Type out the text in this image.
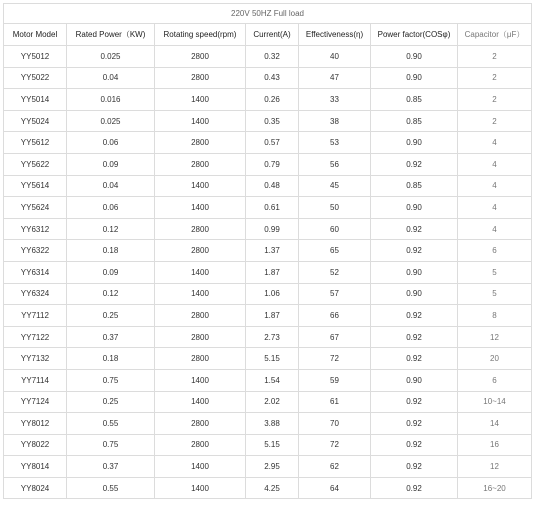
220V 50HZ Full load						
Motor Model	Rated Power（KW)	Rotating speed(rpm)	Current(A)	Effectiveness(η)	Power factor(COSφ)	Capacitor（μF）
YY5012	0.025	2800	0.32	40	0.90	2
YY5022	0.04	2800	0.43	47	0.90	2
YY5014	0.016	1400	0.26	33	0.85	2
YY5024	0.025	1400	0.35	38	0.85	2
YY5612	0.06	2800	0.57	53	0.90	4
YY5622	0.09	2800	0.79	56	0.92	4
YY5614	0.04	1400	0.48	45	0.85	4
YY5624	0.06	1400	0.61	50	0.90	4
YY6312	0.12	2800	0.99	60	0.92	4
YY6322	0.18	2800	1.37	65	0.92	6
YY6314	0.09	1400	1.87	52	0.90	5
YY6324	0.12	1400	1.06	57	0.90	5
YY7112	0.25	2800	1.87	66	0.92	8
YY7122	0.37	2800	2.73	67	0.92	12
YY7132	0.18	2800	5.15	72	0.92	20
YY7114	0.75	1400	1.54	59	0.90	6
YY7124	0.25	1400	2.02	61	0.92	10~14
YY8012	0.55	2800	3.88	70	0.92	14
YY8022	0.75	2800	5.15	72	0.92	16
YY8014	0.37	1400	2.95	62	0.92	12
YY8024	0.55	1400	4.25	64	0.92	16~20
